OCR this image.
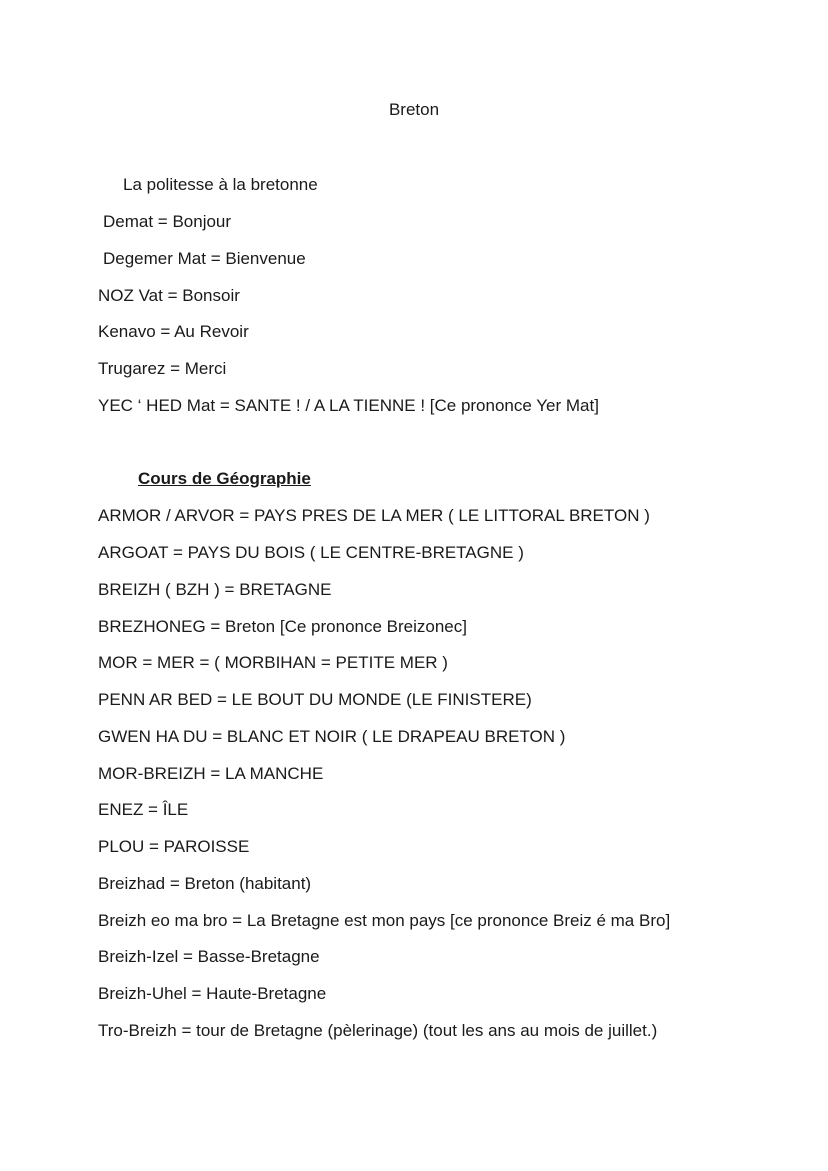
Breton

La politesse à la bretonne

Demat = Bonjour

Degemer Mat = Bienvenue

NOZ Vat = Bonsoir

Kenavo = Au Revoir

Trugarez = Merci

YEC ‘ HED Mat = SANTE ! / A LA TIENNE ! [Ce prononce Yer Mat]

Cours de Géographie

ARMOR / ARVOR = PAYS PRES DE LA MER ( LE LITTORAL BRETON )

ARGOAT = PAYS DU BOIS ( LE CENTRE-BRETAGNE )

BREIZH ( BZH ) = BRETAGNE

BREZHONEG = Breton [Ce prononce Breizonec]

MOR = MER = ( MORBIHAN = PETITE MER )

PENN AR BED = LE BOUT DU MONDE (LE FINISTERE)

GWEN HA DU = BLANC ET NOIR ( LE DRAPEAU BRETON )

MOR-BREIZH = LA MANCHE

ENEZ = ÎLE

PLOU = PAROISSE

Breizhad = Breton (habitant)

Breizh eo ma bro = La Bretagne est mon pays [ce prononce Breiz é ma Bro]

Breizh-Izel = Basse-Bretagne

Breizh-Uhel = Haute-Bretagne

Tro-Breizh = tour de Bretagne (pèlerinage) (tout les ans au mois de juillet.)
